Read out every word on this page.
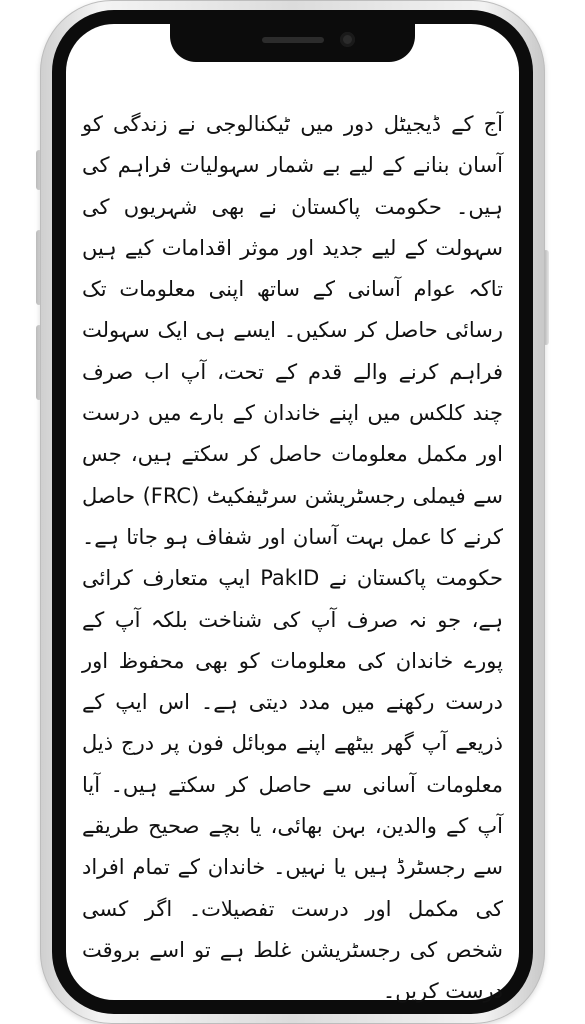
آج کے ڈیجیٹل دور میں ٹیکنالوجی نے زندگی کو آسان بنانے کے لیے بے شمار سہولیات فراہم کی ہیں۔ حکومت پاکستان نے بھی شہریوں کی سہولت کے لیے جدید اور موثر اقدامات کیے ہیں تاکہ عوام آسانی کے ساتھ اپنی معلومات تک رسائی حاصل کر سکیں۔ ایسے ہی ایک سہولت فراہم کرنے والے قدم کے تحت، آپ اب صرف چند کلکس میں اپنے خاندان کے بارے میں درست اور مکمل معلومات حاصل کر سکتے ہیں، جس سے فیملی رجسٹریشن سرٹیفکیٹ (FRC) حاصل کرنے کا عمل بہت آسان اور شفاف ہو جاتا ہے۔ حکومت پاکستان نے PakID ایپ متعارف کرائی ہے، جو نہ صرف آپ کی شناخت بلکہ آپ کے پورے خاندان کی معلومات کو بھی محفوظ اور درست رکھنے میں مدد دیتی ہے۔ اس ایپ کے ذریعے آپ گھر بیٹھے اپنے موبائل فون پر درج ذیل معلومات آسانی سے حاصل کر سکتے ہیں۔ آیا آپ کے والدین، بہن بھائی، یا بچے صحیح طریقے سے رجسٹرڈ ہیں یا نہیں۔ خاندان کے تمام افراد کی مکمل اور درست تفصیلات۔ اگر کسی شخص کی رجسٹریشن غلط ہے تو اسے بروقت درست کریں۔
